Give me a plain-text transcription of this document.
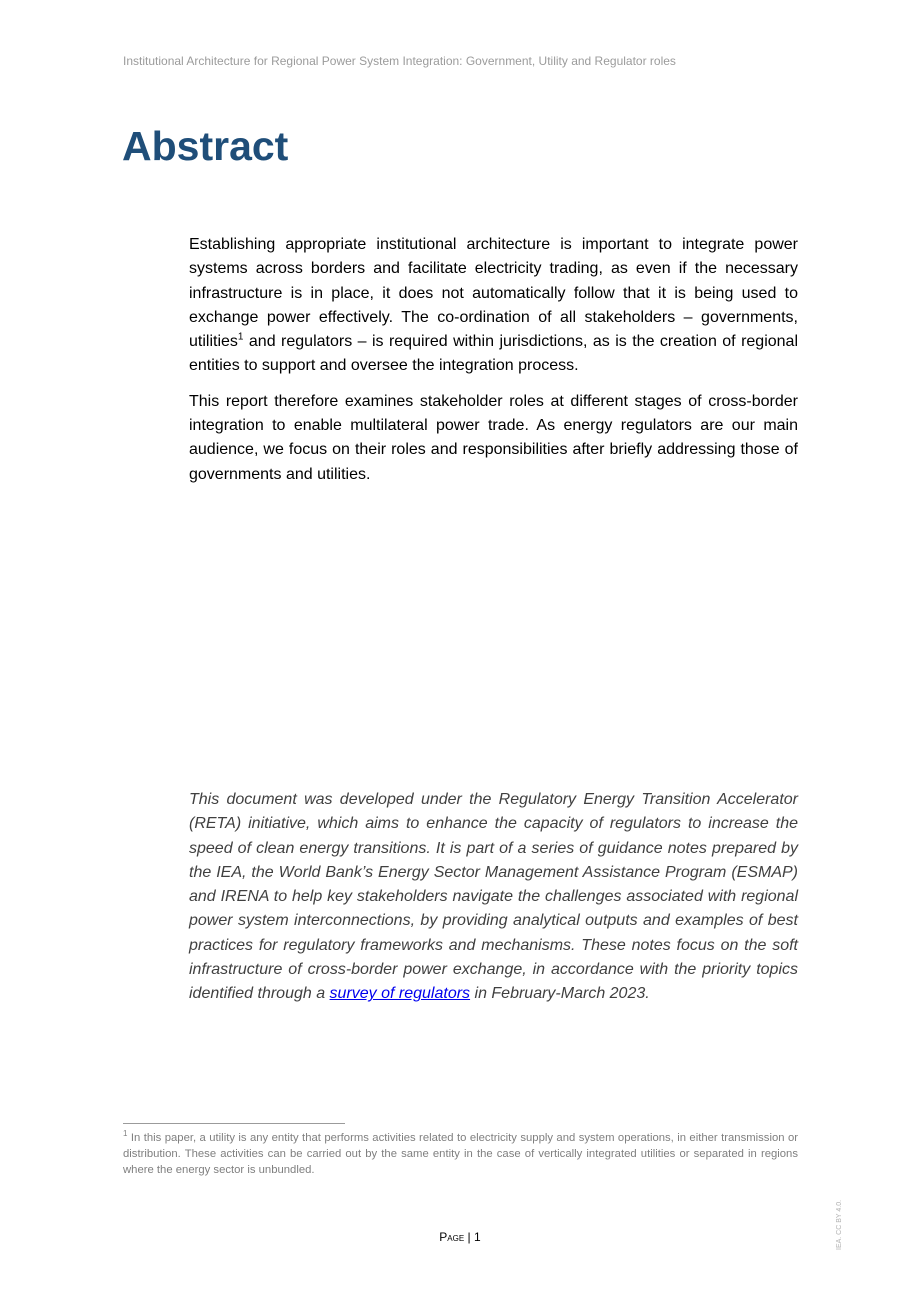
Institutional Architecture for Regional Power System Integration: Government, Utility and Regulator roles
Abstract

Establishing appropriate institutional architecture is important to integrate power systems across borders and facilitate electricity trading, as even if the necessary infrastructure is in place, it does not automatically follow that it is being used to exchange power effectively. The co-ordination of all stakeholders – governments, utilities$^1$ and regulators – is required within jurisdictions, as is the creation of regional entities to support and oversee the integration process.

This report therefore examines stakeholder roles at different stages of cross-border integration to enable multilateral power trade. As energy regulators are our main audience, we focus on their roles and responsibilities after briefly addressing those of governments and utilities.

This document was developed under the Regulatory Energy Transition Accelerator (RETA) initiative, which aims to enhance the capacity of regulators to increase the speed of clean energy transitions. It is part of a series of guidance notes prepared by the IEA, the World Bank’s Energy Sector Management Assistance Program (ESMAP) and IRENA to help key stakeholders navigate the challenges associated with regional power system interconnections, by providing analytical outputs and examples of best practices for regulatory frameworks and mechanisms. These notes focus on the soft infrastructure of cross-border power exchange, in accordance with the priority topics identified through a survey of regulators in February-March 2023.

$^1$ In this paper, a utility is any entity that performs activities related to electricity supply and system operations, in either transmission or distribution. These activities can be carried out by the same entity in the case of vertically integrated utilities or separated in regions where the energy sector is unbundled.

Page | 1	IEA. CC BY 4.0.
